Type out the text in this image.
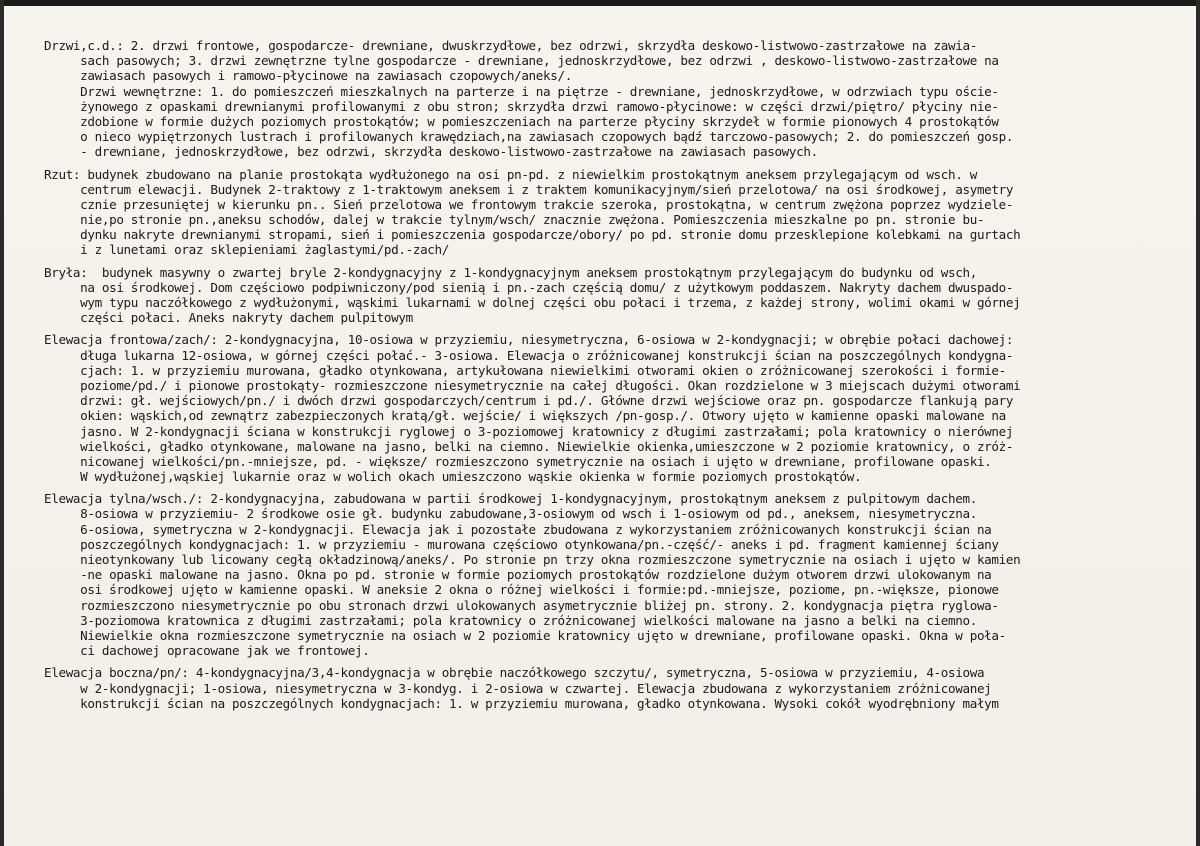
Drzwi,c.d.: 2. drzwi frontowe, gospodarcze- drewniane, dwuskrzydłowe, bez odrzwi, skrzydła deskowo-listwowo-zastrzałowe na zawia-
sach pasowych; 3. drzwi zewnętrzne tylne gospodarcze - drewniane, jednoskrzydłowe, bez odrzwi , deskowo-listwowo-zastrzałowe na
zawiasach pasowych i ramowo-płycinowe na zawiasach czopowych/aneks/.
Drzwi wewnętrzne: 1. do pomieszczeń mieszkalnych na parterze i na piętrze - drewniane, jednoskrzydłowe, w odrzwiach typu oście-
żynowego z opaskami drewnianymi profilowanymi z obu stron; skrzydła drzwi ramowo-płycinowe: w części drzwi/piętro/ płyciny nie-
zdobione w formie dużych poziomych prostokątów; w pomieszczeniach na parterze płyciny skrzydeł w formie pionowych 4 prostokątów
o nieco wypiętrzonych lustrach i profilowanych krawędziach,na zawiasach czopowych bądź tarczowo-pasowych; 2. do pomieszczeń gosp.
- drewniane, jednoskrzydłowe, bez odrzwi, skrzydła deskowo-listwowo-zastrzałowe na zawiasach pasowych.
Rzut: budynek zbudowano na planie prostokąta wydłużonego na osi pn-pd. z niewielkim prostokątnym aneksem przylegającym od wsch. w
centrum elewacji. Budynek 2-traktowy z 1-traktowym aneksem i z traktem komunikacyjnym/sień przelotowa/ na osi środkowej, asymetry
cznie przesuniętej w kierunku pn.. Sień przelotowa we frontowym trakcie szeroka, prostokątna, w centrum zwężona poprzez wydziele-
nie,po stronie pn.,aneksu schodów, dalej w trakcie tylnym/wsch/ znacznie zwężona. Pomieszczenia mieszkalne po pn. stronie bu-
dynku nakryte drewnianymi stropami, sień i pomieszczenia gospodarcze/obory/ po pd. stronie domu przesklepione kolebkami na gurtach
i z lunetami oraz sklepieniami żaglastymi/pd.-zach/
Bryła:  budynek masywny o zwartej bryle 2-kondygnacyjny z 1-kondygnacyjnym aneksem prostokątnym przylegającym do budynku od wsch,
na osi środkowej. Dom częściowo podpiwniczony/pod sienią i pn.-zach częścią domu/ z użytkowym poddaszem. Nakryty dachem dwuspado-
wym typu naczółkowego z wydłużonymi, wąskimi lukarnami w dolnej części obu połaci i trzema, z każdej strony, wolimi okami w górnej
części połaci. Aneks nakryty dachem pulpitowym
Elewacja frontowa/zach/: 2-kondygnacyjna, 10-osiowa w przyziemiu, niesymetryczna, 6-osiowa w 2-kondygnacji; w obrębie połaci dachowej:
długa lukarna 12-osiowa, w górnej części połać.- 3-osiowa. Elewacja o zróżnicowanej konstrukcji ścian na poszczególnych kondygna-
cjach: 1. w przyziemiu murowana, gładko otynkowana, artykułowana niewielkimi otworami okien o zróżnicowanej szerokości i formie-
poziome/pd./ i pionowe prostokąty- rozmieszczone niesymetrycznie na całej długości. Okan rozdzielone w 3 miejscach dużymi otworami
drzwi: gł. wejściowych/pn./ i dwóch drzwi gospodarczych/centrum i pd./. Główne drzwi wejściowe oraz pn. gospodarcze flankują pary
okien: wąskich,od zewnątrz zabezpieczonych kratą/gł. wejście/ i większych /pn-gosp./. Otwory ujęto w kamienne opaski malowane na
jasno. W 2-kondygnacji ściana w konstrukcji ryglowej o 3-poziomowej kratownicy z długimi zastrzałami; pola kratownicy o nierównej
wielkości, gładko otynkowane, malowane na jasno, belki na ciemno. Niewielkie okienka,umieszczone w 2 poziomie kratownicy, o zróż-
nicowanej wielkości/pn.-mniejsze, pd. - większe/ rozmieszczono symetrycznie na osiach i ujęto w drewniane, profilowane opaski.
W wydłużonej,wąskiej lukarnie oraz w wolich okach umieszczono wąskie okienka w formie poziomych prostokątów.
Elewacja tylna/wsch./: 2-kondygnacyjna, zabudowana w partii środkowej 1-kondygnacyjnym, prostokątnym aneksem z pulpitowym dachem.
8-osiowa w przyziemiu- 2 środkowe osie gł. budynku zabudowane,3-osiowym od wsch i 1-osiowym od pd., aneksem, niesymetryczna.
6-osiowa, symetryczna w 2-kondygnacji. Elewacja jak i pozostałe zbudowana z wykorzystaniem zróżnicowanych konstrukcji ścian na
poszczególnych kondygnacjach: 1. w przyziemiu - murowana częściowo otynkowana/pn.-część/- aneks i pd. fragment kamiennej ściany
nieotynkowany lub licowany cegłą okładzinową/aneks/. Po stronie pn trzy okna rozmieszczone symetrycznie na osiach i ujęto w kamien
-ne opaski malowane na jasno. Okna po pd. stronie w formie poziomych prostokątów rozdzielone dużym otworem drzwi ulokowanym na
osi środkowej ujęto w kamienne opaski. W aneksie 2 okna o różnej wielkości i formie:pd.-mniejsze, poziome, pn.-większe, pionowe
rozmieszczono niesymetrycznie po obu stronach drzwi ulokowanych asymetrycznie bliżej pn. strony. 2. kondygnacja piętra ryglowa-
3-poziomowa kratownica z długimi zastrzałami; pola kratownicy o zróżnicowanej wielkości malowane na jasno a belki na ciemno.
Niewielkie okna rozmieszczone symetrycznie na osiach w 2 poziomie kratownicy ujęto w drewniane, profilowane opaski. Okna w poła-
ci dachowej opracowane jak we frontowej.
Elewacja boczna/pn/: 4-kondygnacyjna/3,4-kondygnacja w obrębie naczółkowego szczytu/, symetryczna, 5-osiowa w przyziemiu, 4-osiowa
w 2-kondygnacji; 1-osiowa, niesymetryczna w 3-kondyg. i 2-osiowa w czwartej. Elewacja zbudowana z wykorzystaniem zróżnicowanej
konstrukcji ścian na poszczególnych kondygnacjach: 1. w przyziemiu murowana, gładko otynkowana. Wysoki cokół wyodrębniony małym
